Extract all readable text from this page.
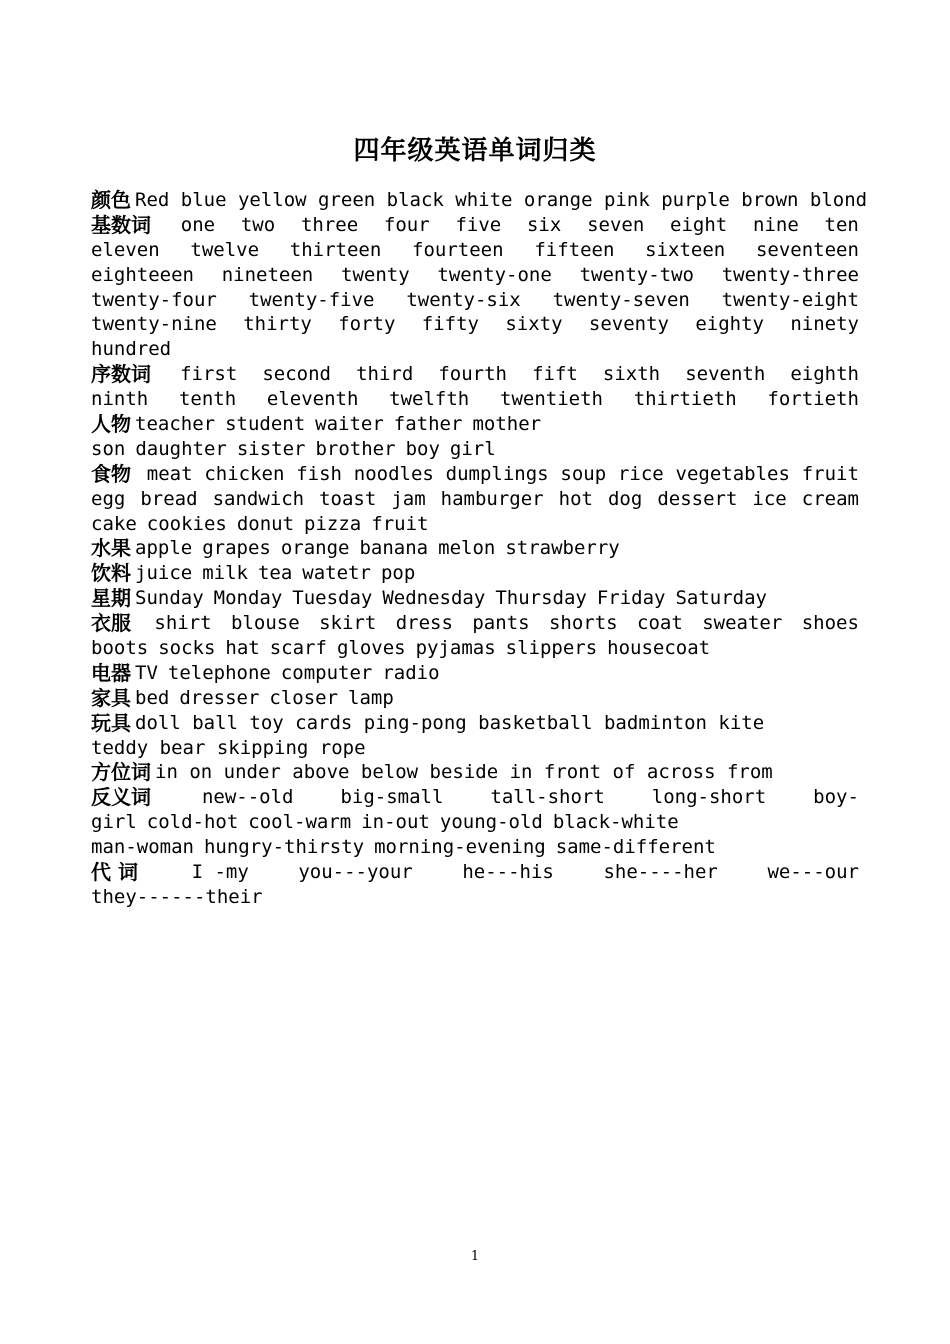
四年级英语单词归类
颜色 Red blue yellow green black white orange pink purple brown blond
基数词 one two three four five six seven eight nine ten
eleven twelve thirteen fourteen fifteen sixteen seventeen
eighteeen nineteen twenty twenty-one twenty-two twenty-three
twenty-four twenty-five twenty-six twenty-seven twenty-eight
twenty-nine thirty forty fifty sixty seventy eighty ninety
hundred
序数词 first second third fourth fift sixth seventh eighth
ninth tenth eleventh twelfth twentieth thirtieth fortieth
人物 teacher student waiter father mother
son daughter sister brother boy girl
食物 meat chicken fish noodles dumplings soup rice vegetables fruit
egg bread sandwich toast jam hamburger hot dog dessert ice cream
cake cookies donut pizza fruit
水果 apple grapes orange banana melon strawberry
饮料 juice milk tea watetr pop
星期 Sunday Monday Tuesday Wednesday Thursday Friday Saturday
衣服 shirt blouse skirt dress pants shorts coat sweater shoes
boots socks hat scarf gloves pyjamas slippers housecoat
电器 TV telephone computer radio
家具 bed dresser closer lamp
玩具 doll ball toy cards ping-pong basketball badminton kite
teddy bear skipping rope
方位词 in on under above below beside in front of across from
反义词	new--old big-small tall-short long-short boy-
girl cold-hot cool-warm in-out young-old black-white
man-woman hungry-thirsty morning-evening same-different
代 词	I -my	you---your	he---his	she----her	we---our
they------their
1
